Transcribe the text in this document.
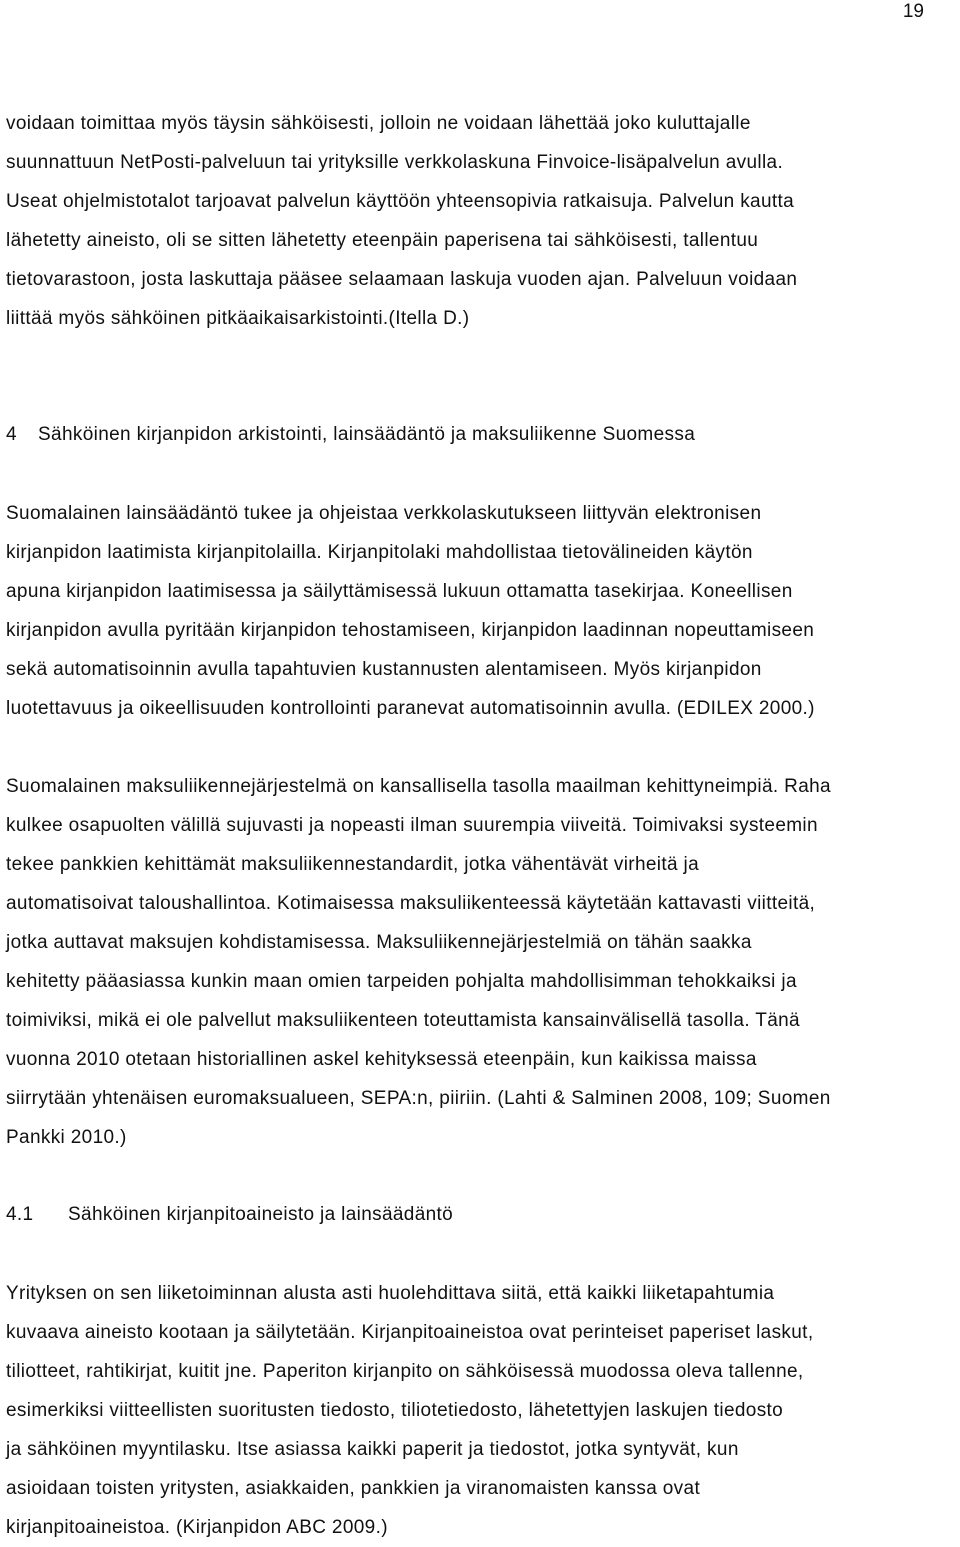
19
voidaan toimittaa myös täysin sähköisesti, jolloin ne voidaan lähettää joko kuluttajalle
suunnattuun NetPosti-palveluun tai yrityksille verkkolaskuna Finvoice-lisäpalvelun avulla.
Useat ohjelmistotalot tarjoavat palvelun käyttöön yhteensopivia ratkaisuja. Palvelun kautta
lähetetty aineisto, oli se sitten lähetetty eteenpäin paperisena tai sähköisesti, tallentuu
tietovarastoon, josta laskuttaja pääsee selaamaan laskuja vuoden ajan. Palveluun voidaan
liittää myös sähköinen pitkäaikaisarkistointi.(Itella D.)
4 Sähköinen kirjanpidon arkistointi, lainsäädäntö ja maksuliikenne Suomessa
Suomalainen lainsäädäntö tukee ja ohjeistaa verkkolaskutukseen liittyvän elektronisen
kirjanpidon laatimista kirjanpitolailla. Kirjanpitolaki mahdollistaa tietovälineiden käytön
apuna kirjanpidon laatimisessa ja säilyttämisessä lukuun ottamatta tasekirjaa. Koneellisen
kirjanpidon avulla pyritään kirjanpidon tehostamiseen, kirjanpidon laadinnan nopeuttamiseen
sekä automatisoinnin avulla tapahtuvien kustannusten alentamiseen. Myös kirjanpidon
luotettavuus ja oikeellisuuden kontrollointi paranevat automatisoinnin avulla. (EDILEX 2000.)
Suomalainen maksuliikennejärjestelmä on kansallisella tasolla maailman kehittyneimpiä. Raha
kulkee osapuolten välillä sujuvasti ja nopeasti ilman suurempia viiveitä. Toimivaksi systeemin
tekee pankkien kehittämät maksuliikennestandardit, jotka vähentävät virheitä ja
automatisoivat taloushallintoa. Kotimaisessa maksuliikenteessä käytetään kattavasti viitteitä,
jotka auttavat maksujen kohdistamisessa. Maksuliikennejärjestelmiä on tähän saakka
kehitetty pääasiassa kunkin maan omien tarpeiden pohjalta mahdollisimman tehokkaiksi ja
toimiviksi, mikä ei ole palvellut maksuliikenteen toteuttamista kansainvälisellä tasolla. Tänä
vuonna 2010 otetaan historiallinen askel kehityksessä eteenpäin, kun kaikissa maissa
siirrytään yhtenäisen euromaksualueen, SEPA:n, piiriin. (Lahti & Salminen 2008, 109; Suomen
Pankki 2010.)
4.1 Sähköinen kirjanpitoaineisto ja lainsäädäntö
Yrityksen on sen liiketoiminnan alusta asti huolehdittava siitä, että kaikki liiketapahtumia
kuvaava aineisto kootaan ja säilytetään. Kirjanpitoaineistoa ovat perinteiset paperiset laskut,
tiliotteet, rahtikirjat, kuitit jne. Paperiton kirjanpito on sähköisessä muodossa oleva tallenne,
esimerkiksi viitteellisten suoritusten tiedosto, tiliotetiedosto, lähetettyjen laskujen tiedosto
ja sähköinen myyntilasku. Itse asiassa kaikki paperit ja tiedostot, jotka syntyvät, kun
asioidaan toisten yritysten, asiakkaiden, pankkien ja viranomaisten kanssa ovat
kirjanpitoaineistoa. (Kirjanpidon ABC 2009.)
